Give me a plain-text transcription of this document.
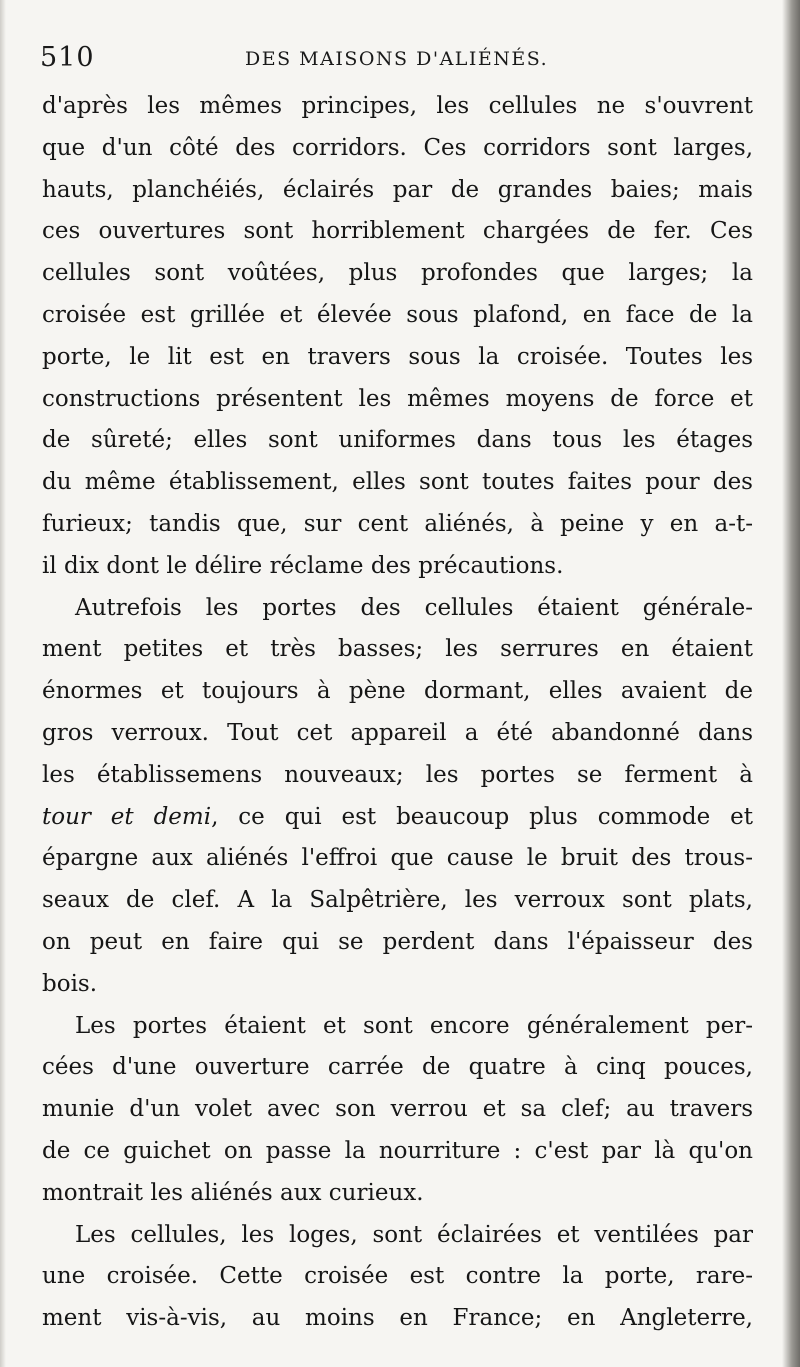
510	DES MAISONS D'ALIÉNÉS.
d'après les mêmes principes, les cellules ne s'ouvrent
que d'un côté des corridors. Ces corridors sont larges,
hauts, planchéiés, éclairés par de grandes baies; mais
ces ouvertures sont horriblement chargées de fer. Ces
cellules sont voûtées, plus profondes que larges; la
croisée est grillée et élevée sous plafond, en face de la
porte, le lit est en travers sous la croisée. Toutes les
constructions présentent les mêmes moyens de force et
de sûreté; elles sont uniformes dans tous les étages
du même établissement, elles sont toutes faites pour des
furieux; tandis que, sur cent aliénés, à peine y en a-t-
il dix dont le délire réclame des précautions.
Autrefois les portes des cellules étaient générale-
ment petites et très basses; les serrures en étaient
énormes et toujours à pène dormant, elles avaient de
gros verroux. Tout cet appareil a été abandonné dans
les établissemens nouveaux; les portes se ferment à
tour et demi, ce qui est beaucoup plus commode et
épargne aux aliénés l'effroi que cause le bruit des trous-
seaux de clef. A la Salpêtrière, les verroux sont plats,
on peut en faire qui se perdent dans l'épaisseur des
bois.
Les portes étaient et sont encore généralement per-
cées d'une ouverture carrée de quatre à cinq pouces,
munie d'un volet avec son verrou et sa clef; au travers
de ce guichet on passe la nourriture : c'est par là qu'on
montrait les aliénés aux curieux.
Les cellules, les loges, sont éclairées et ventilées par
une croisée. Cette croisée est contre la porte, rare-
ment vis-à-vis, au moins en France; en Angleterre,
